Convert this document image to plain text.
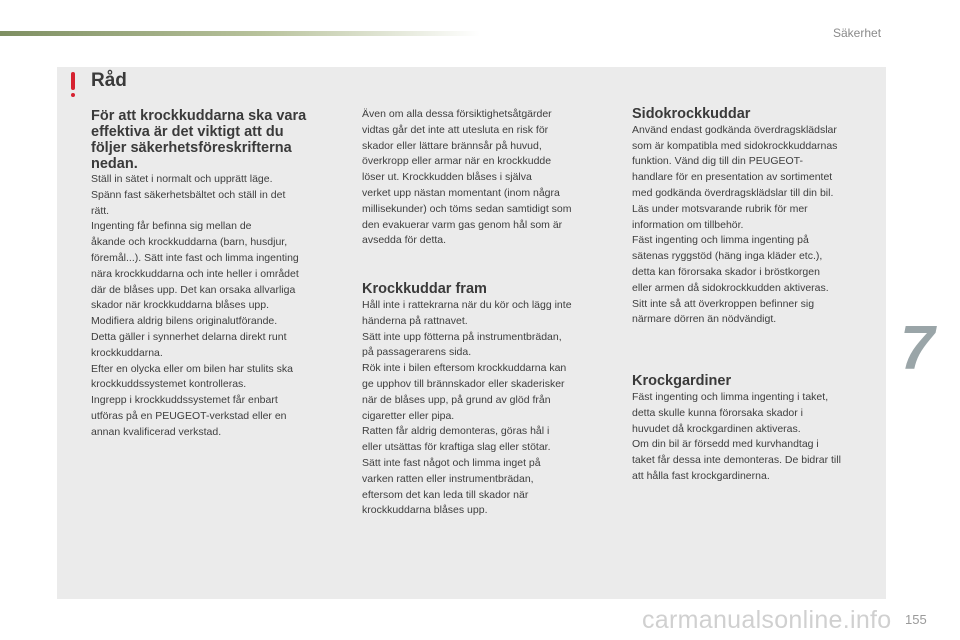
Säkerhet
Råd

För att krockkuddarna ska vara
effektiva är det viktigt att du
följer säkerhetsföreskrifterna
nedan.

Ställ in sätet i normalt och upprätt läge.
Spänn fast säkerhetsbältet och ställ in det
rätt.
Ingenting får befinna sig mellan de
åkande och krockkuddarna (barn, husdjur,
föremål...). Sätt inte fast och limma ingenting
nära krockkuddarna och inte heller i området
där de blåses upp. Det kan orsaka allvarliga
skador när krockkuddarna blåses upp.
Modifiera aldrig bilens originalutförande.
Detta gäller i synnerhet delarna direkt runt
krockkuddarna.
Efter en olycka eller om bilen har stulits ska
krockkuddssystemet kontrolleras.
Ingrepp i krockkuddssystemet får enbart
utföras på en PEUGEOT-verkstad eller en
annan kvalificerad verkstad.

Även om alla dessa försiktighetsåtgärder
vidtas går det inte att utesluta en risk för
skador eller lättare brännsår på huvud,
överkropp eller armar när en krockkudde
löser ut. Krockkudden blåses i själva
verket upp nästan momentant (inom några
millisekunder) och töms sedan samtidigt som
den evakuerar varm gas genom hål som är
avsedda för detta.

Krockkuddar fram

Håll inte i rattekrarna när du kör och lägg inte
händerna på rattnavet.
Sätt inte upp fötterna på instrumentbrädan,
på passagerarens sida.
Rök inte i bilen eftersom krockkuddarna kan
ge upphov till brännskador eller skaderisker
när de blåses upp, på grund av glöd från
cigaretter eller pipa.
Ratten får aldrig demonteras, göras hål i
eller utsättas för kraftiga slag eller stötar.
Sätt inte fast något och limma inget på
varken ratten eller instrumentbrädan,
eftersom det kan leda till skador när
krockkuddarna blåses upp.

Sidokrockkuddar

Använd endast godkända överdragsklädslar
som är kompatibla med sidokrockkuddarnas
funktion. Vänd dig till din PEUGEOT-
handlare för en presentation av sortimentet
med godkända överdragsklädslar till din bil.
Läs under motsvarande rubrik för mer
information om tillbehör.
Fäst ingenting och limma ingenting på
sätenas ryggstöd (häng inga kläder etc.),
detta kan förorsaka skador i bröstkorgen
eller armen då sidokrockkudden aktiveras.
Sitt inte så att överkroppen befinner sig
närmare dörren än nödvändigt.

Krockgardiner

Fäst ingenting och limma ingenting i taket,
detta skulle kunna förorsaka skador i
huvudet då krockgardinen aktiveras.
Om din bil är försedd med kurvhandtag i
taket får dessa inte demonteras. De bidrar till
att hålla fast krockgardinerna.

7
carmanualsonline.info 155
